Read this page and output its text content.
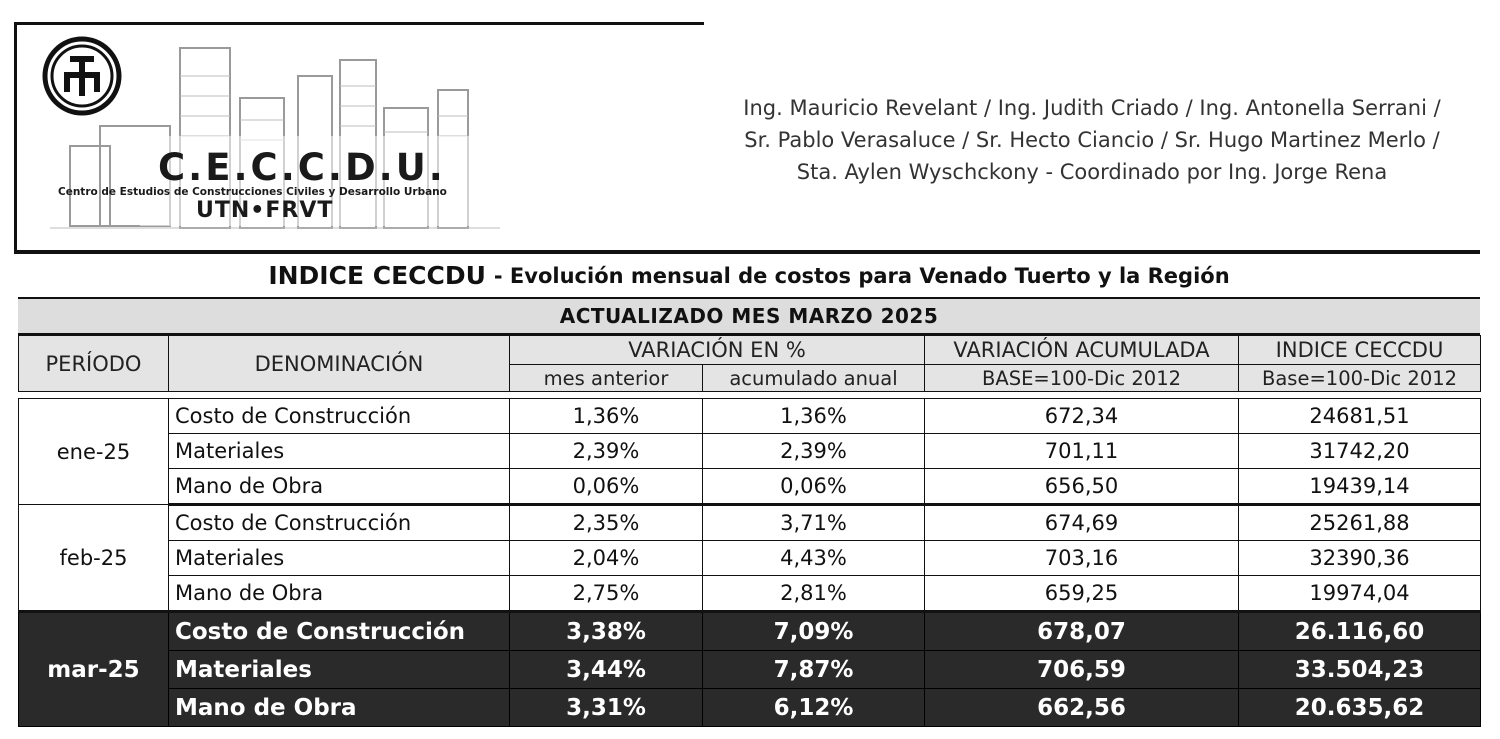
C.E.C.C.D.U.
Centro de Estudios de Construcciones Civiles y Desarrollo Urbano
UTN•FRVT
Ing. Mauricio Revelant / Ing. Judith Criado / Ing. Antonella Serrani /
Sr. Pablo Verasaluce / Sr. Hecto Ciancio / Sr. Hugo Martinez Merlo /
Sta. Aylen Wyschckony - Coordinado por Ing. Jorge Rena
INDICE CECCDU - Evolución mensual de costos para Venado Tuerto y la Región
ACTUALIZADO MES MARZO 2025
PERÍODO	DENOMINACIÓN	VARIACIÓN EN %		VARIACIÓN ACUMULADA	INDICE CECCDU
		mes anterior	acumulado anual	BASE=100-Dic 2012	Base=100-Dic 2012

ene-25	Costo de Construcción	1,36%	1,36%	672,34	24681,51
	Materiales	2,39%	2,39%	701,11	31742,20
	Mano de Obra	0,06%	0,06%	656,50	19439,14
feb-25	Costo de Construcción	2,35%	3,71%	674,69	25261,88
	Materiales	2,04%	4,43%	703,16	32390,36
	Mano de Obra	2,75%	2,81%	659,25	19974,04
mar-25	Costo de Construcción	3,38%	7,09%	678,07	26.116,60
	Materiales	3,44%	7,87%	706,59	33.504,23
	Mano de Obra	3,31%	6,12%	662,56	20.635,62
